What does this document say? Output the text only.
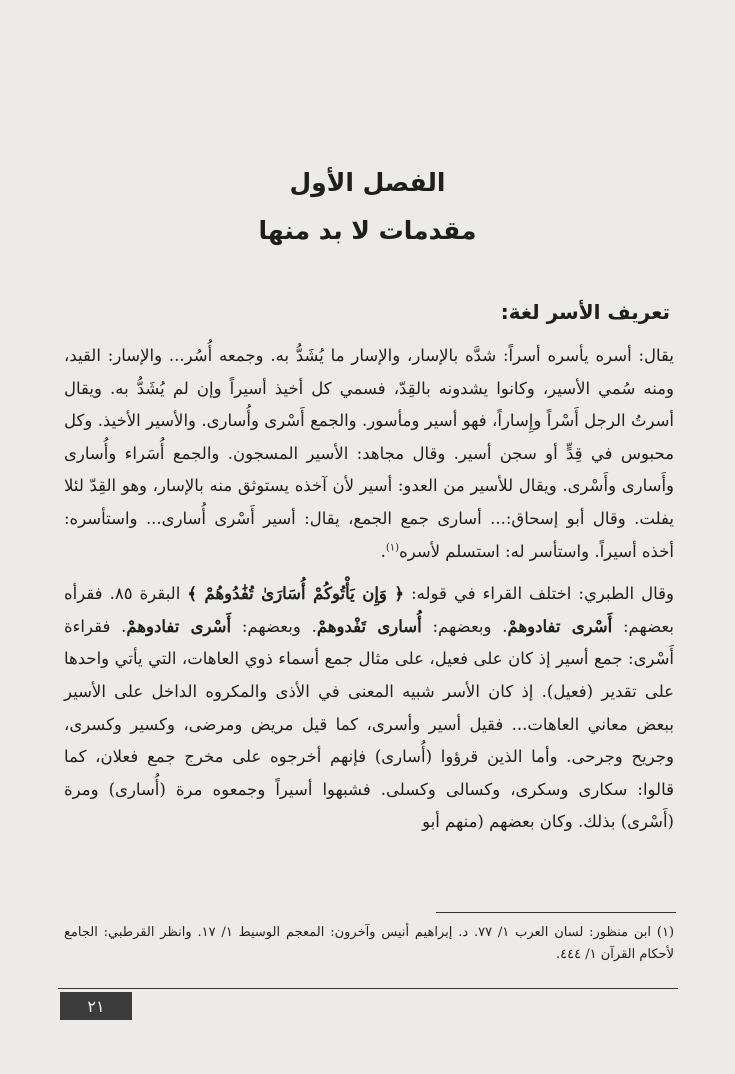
الفصل الأول
مقدمات لا بد منها
تعريف الأسر لغة:

يقال: أسره يأسره أسراً: شدَّه بالإسار، والإسار ما يُشَدُّ به. وجمعه أُسُر... والإسار: القيد، ومنه سُمي الأسير، وكانوا يشدونه بالقِدّ، فسمي كل أخيذ أسيراً وإن لم يُشَدُّ به. ويقال أسرتُ الرجل أَسْراً وإِساراً، فهو أسير ومأسور. والجمع أَسْرى وأُسارى. والأسير الأخيذ. وكل محبوس في قِدٍّ أو سجن أسير. وقال مجاهد: الأسير المسجون. والجمع أُسَراء وأُسارى وأَسارى وأَسْرى. ويقال للأسير من العدو: أسير لأن آخذه يستوثق منه بالإسار، وهو القِدّ لئلا يفلت. وقال أبو إسحاق:... أسارى جمع الجمع، يقال: أسير أَسْرى أُسارى... واستأسره: أخذه أسيراً. واستأسر له: استسلم لأسره$^{(١)}$.

وقال الطبري: اختلف القراء في قوله: ﴿ وَإِن يَأْتُوكُمْ أُسَارَىٰ تُفَٰدُوهُمْ ﴾ البقرة ٨٥. فقرأه بعضهم: أَسْرى تفادوهمْ. وبعضهم: أُسارى تَفْدوهمْ. وبعضهم: أَسْرى تفادوهمْ. فقراءة أَسْرى: جمع أسير إذ كان على فعيل، على مثال جمع أسماء ذوي العاهات، التي يأتي واحدها على تقدير (فعيل). إذ كان الأسر شبيه المعنى في الأذى والمكروه الداخل على الأسير ببعض معاني العاهات... فقيل أسير وأسرى، كما قيل مريض ومرضى، وكسير وكسرى، وجريح وجرحى. وأما الذين قرؤوا (أُسارى) فإنهم أخرجوه على مخرج جمع فعلان، كما قالوا: سكارى وسكرى، وكسالى وكسلى. فشبهوا أسيراً وجمعوه مرة (أُسارى) ومرة (أَسْرى) بذلك. وكان بعضهم (منهم أبو

(١) ابن منظور: لسان العرب ١/ ٧٧. د. إبراهيم أنيس وآخرون: المعجم الوسيط ١/ ١٧. وانظر القرطبي: الجامع لأحكام القرآن ١/ ٤٤٤.
٢١
